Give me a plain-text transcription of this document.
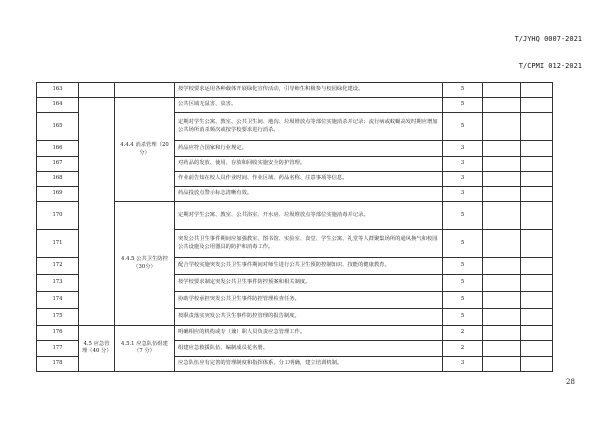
T/JYHQ 0007-2021
T/CPMI 012-2021
163			按学校要求运用各种载体开展绿化宣传活动，引导师生积极参与校园绿化建设。	5		
164		4.4.4 消杀管理（20分）	公共区域无鼠害、虫害。	5		
165			定期对学生公寓、教室、公共卫生间、地沟、垃圾堆放点等部位实施消杀并记录；流行病或蚊蝇高发时期应增加公共场所消杀频次或按学校要求进行消杀。	5		
166			药品应符合国家和行业规定。	3		
167			对药品的发放、使用、存放和回收实施安全防护管理。	3		
168			作业前告知在校人员作业时间、作业区域、药品名称、注意事项等信息。	3		
169			药品投放点警示标志清晰有效。	3		
170		4.4.5 公共卫生防控（30分）	定期对学生公寓、教室、公共浴室、开水房、垃圾堆放点等部位实施消毒并记录。	5		
171			突发公共卫生事件期间应加强教室、图书馆、实验室、食堂、学生公寓、礼堂等人群聚集场所的通风换气和校园公共设施及公用器具的防护和消毒工作。	5		
172			配合学校实施突发公共卫生事件期间对师生进行公共卫生预防控制知识、技能的健康教育。	5		
173			按学校要求制定突发公共卫生事件防控预案和相关制度。	5		
174			协助学校承担突发公共卫生事件防控管理检查任务。	5		
175			按职责落实突发公共卫生事件防控管理的报告制度。	5		
176	4.5 应急管理（40 分）	4.5.1 应急队伍组建（7 分）	明确相应的机构或专（兼）职人员负责应急管理工作。	2		
177			组建应急救援队伍，编制成员花名册。	2		
178			应急队伍应有完善的管理制度和指挥体系，分工明确，建立培训机制。	3		
28
